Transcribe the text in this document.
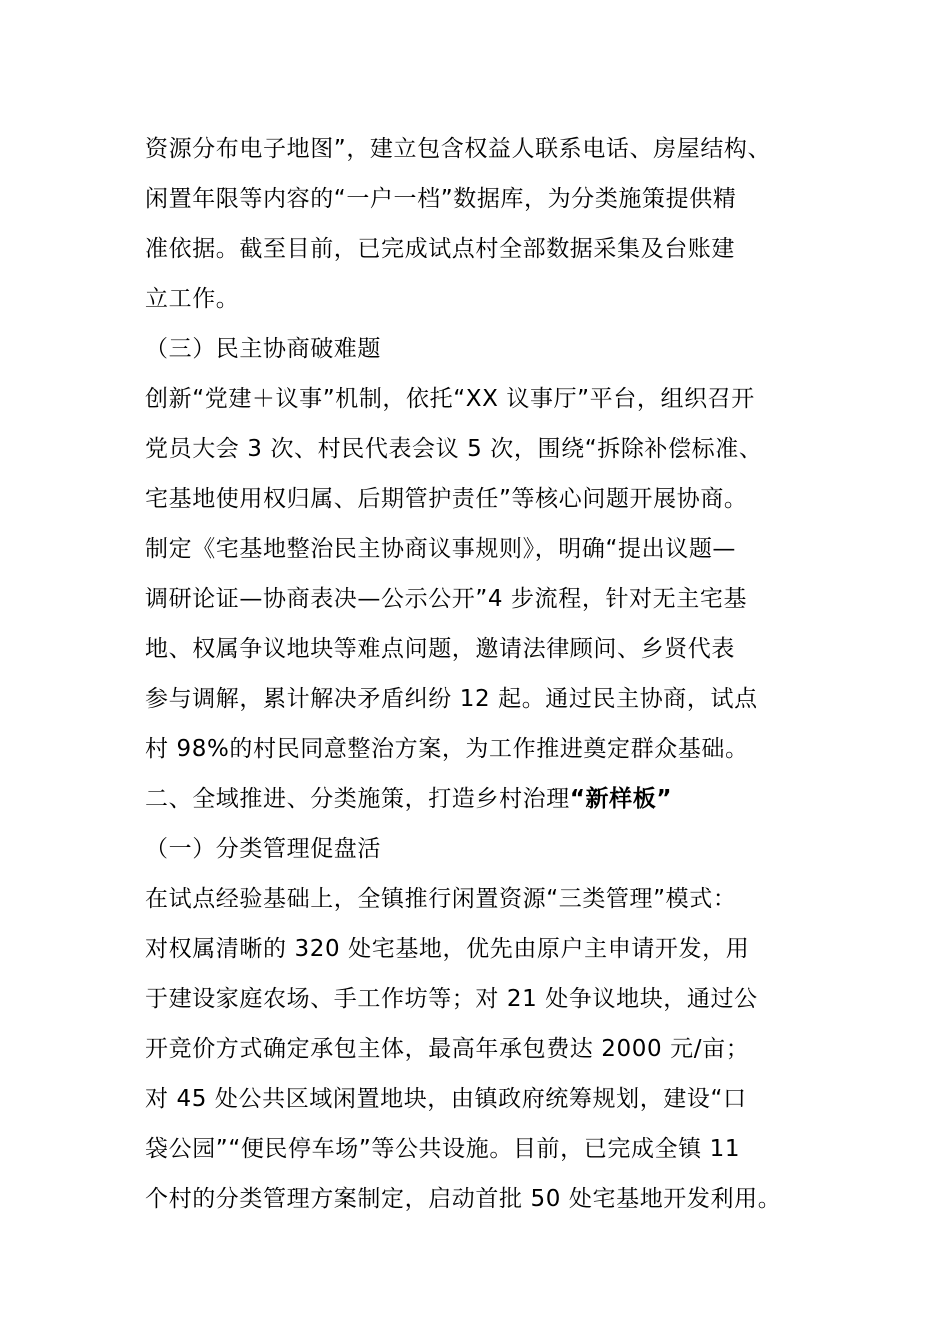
资源分布电子地图”，建立包含权益人联系电话、房屋结构、
闲置年限等内容的“一户一档”数据库，为分类施策提供精
准依据。截至目前，已完成试点村全部数据采集及台账建
立工作。
（三）民主协商破难题
创新“党建＋议事”机制，依托“XX 议事厅”平台，组织召开
党员大会 3 次、村民代表会议 5 次，围绕“拆除补偿标准、
宅基地使用权归属、后期管护责任”等核心问题开展协商。
制定《宅基地整治民主协商议事规则》，明确“提出议题—
调研论证—协商表决—公示公开”4 步流程，针对无主宅基
地、权属争议地块等难点问题，邀请法律顾问、乡贤代表
参与调解，累计解决矛盾纠纷 12 起。通过民主协商，试点
村 98%的村民同意整治方案，为工作推进奠定群众基础。
二、全域推进、分类施策，打造乡村治理“新样板”
（一）分类管理促盘活
在试点经验基础上，全镇推行闲置资源“三类管理”模式：
对权属清晰的 320 处宅基地，优先由原户主申请开发，用
于建设家庭农场、手工作坊等；对 21 处争议地块，通过公
开竞价方式确定承包主体，最高年承包费达 2000 元/亩；
对 45 处公共区域闲置地块，由镇政府统筹规划，建设“口
袋公园”“便民停车场”等公共设施。目前，已完成全镇 11
个村的分类管理方案制定，启动首批 50 处宅基地开发利用。
